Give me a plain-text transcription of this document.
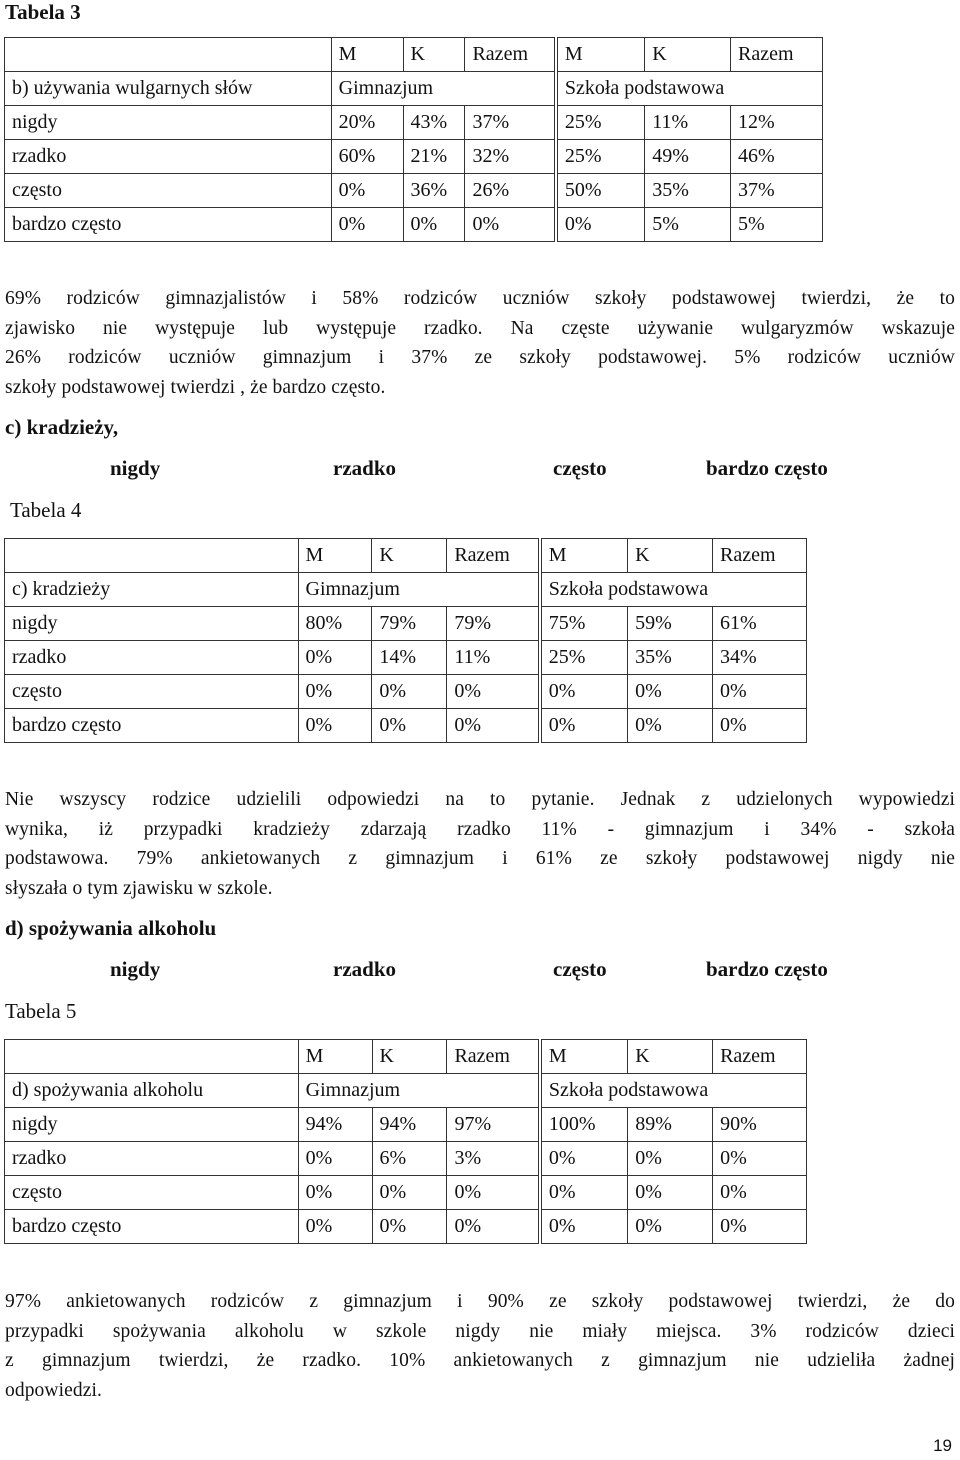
Tabela 3
	M	K	Razem	M	K	Razem
b) używania wulgarnych słów	Gimnazjum			Szkoła podstawowa		
nigdy	20%	43%	37%	25%	11%	12%
rzadko	60%	21%	32%	25%	49%	46%
często	0%	36%	26%	50%	35%	37%
bardzo często	0%	0%	0%	0%	5%	5%
69% rodziców gimnazjalistów i 58% rodziców uczniów szkoły podstawowej twierdzi, że to
zjawisko nie występuje lub występuje rzadko. Na częste używanie wulgaryzmów wskazuje
26% rodziców uczniów gimnazjum i 37% ze szkoły podstawowej. 5% rodziców uczniów
szkoły podstawowej twierdzi , że bardzo często.
c) kradzieży,
nigdy	rzadko	często	bardzo często
Tabela 4
	M	K	Razem	M	K	Razem
c) kradzieży	Gimnazjum			Szkoła podstawowa		
nigdy	80%	79%	79%	75%	59%	61%
rzadko	0%	14%	11%	25%	35%	34%
często	0%	0%	0%	0%	0%	0%
bardzo często	0%	0%	0%	0%	0%	0%
Nie wszyscy rodzice udzielili odpowiedzi na to pytanie. Jednak z udzielonych wypowiedzi
wynika, iż przypadki kradzieży zdarzają rzadko 11% - gimnazjum i 34% - szkoła
podstawowa. 79% ankietowanych z gimnazjum i 61% ze szkoły podstawowej nigdy nie
słyszała o tym zjawisku w szkole.
d) spożywania alkoholu
nigdy	rzadko	często	bardzo często
Tabela 5
	M	K	Razem	M	K	Razem
d) spożywania alkoholu	Gimnazjum			Szkoła podstawowa		
nigdy	94%	94%	97%	100%	89%	90%
rzadko	0%	6%	3%	0%	0%	0%
często	0%	0%	0%	0%	0%	0%
bardzo często	0%	0%	0%	0%	0%	0%
97% ankietowanych rodziców z gimnazjum i 90% ze szkoły podstawowej twierdzi, że do
przypadki spożywania alkoholu w szkole nigdy nie miały miejsca. 3% rodziców dzieci
z gimnazjum twierdzi, że rzadko. 10% ankietowanych z gimnazjum nie udzieliła żadnej
odpowiedzi.
19
